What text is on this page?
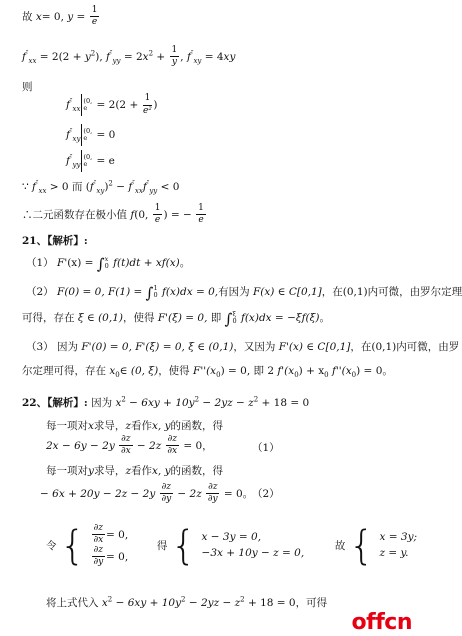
故 x= 0, $y = \frac{1}{e}$
$f''_{xx} = 2(2 + y^2)$, $f''_{yy} = 2x^2 + \frac{1}{y}$ , $f''_{xy} = 4xy$
则
$f''_{xx}$
(0,
$e = 2(2 + \frac{1}{\text{e²}}$ )
$f''_{xy}$
(0,
e = 0
$f''_{yy}$
(0,
e = e
∵ $f''_{xx} > 0$ 而 $(f''_{xy})^2 - f''_{xx}f''_{yy} < 0$
∴二元函数存在极小值 f(0, $\frac{1}{e}$ ) = − $\frac{1}{e}$
21、【解析】:
（1） F'(x) = ∫ x
0 f(t)dt + xf(x)。
（2） F(0) = 0, F(1) = ∫ 1
0 f(x)dx = 0,有因为 F(x) ∈ C[0,1]，在(0,1)内可微，由罗尔定理
可得，存在 ξ ∈ (0,1)，使得 F'(ξ) = 0, 即 ∫ ξ
0 f(x)dx = −ξf(ξ)。
（3） 因为 F'(0) = 0, F'(ξ) = 0, ξ ∈ (0,1)，又因为 F'(x) ∈ C[0,1]，在(0,1)内可微，由罗
尔定理可得，存在 $x_0\in$ (0, ξ)，使得 $F''(x_0) = 0$, 即 2 $f'(x_0) + x_0$ $f''(x_0) = 0$。
22、【解析】: 因为 $x^2 - 6xy + 10y^2 - 2yz - z^2 + 18 = 0$
每一项对x求导，z看作x, y的函数，得
$2x - 6y - 2y \frac{\partial z}{\partial x} - 2z \frac{\partial z}{\partial x} = 0$，	（1）
每一项对y求导，z看作x, y的函数，得
− $6x + 20y - 2z - 2y \frac{\partial z}{\partial y} - 2z \frac{\partial z}{\partial y} = 0$。
（2）
令 { $\frac{\partial z}{\partial x} = 0$,
$\frac{\partial z}{\partial y} = 0$,
得 { x − 3y = 0,
−3x + 10y − z = 0,
故 { x = 3y;
z = y.
将上式代入 $x^2 - 6xy + 10y^2 - 2yz - z^2 + 18 = 0$，可得
offcn
